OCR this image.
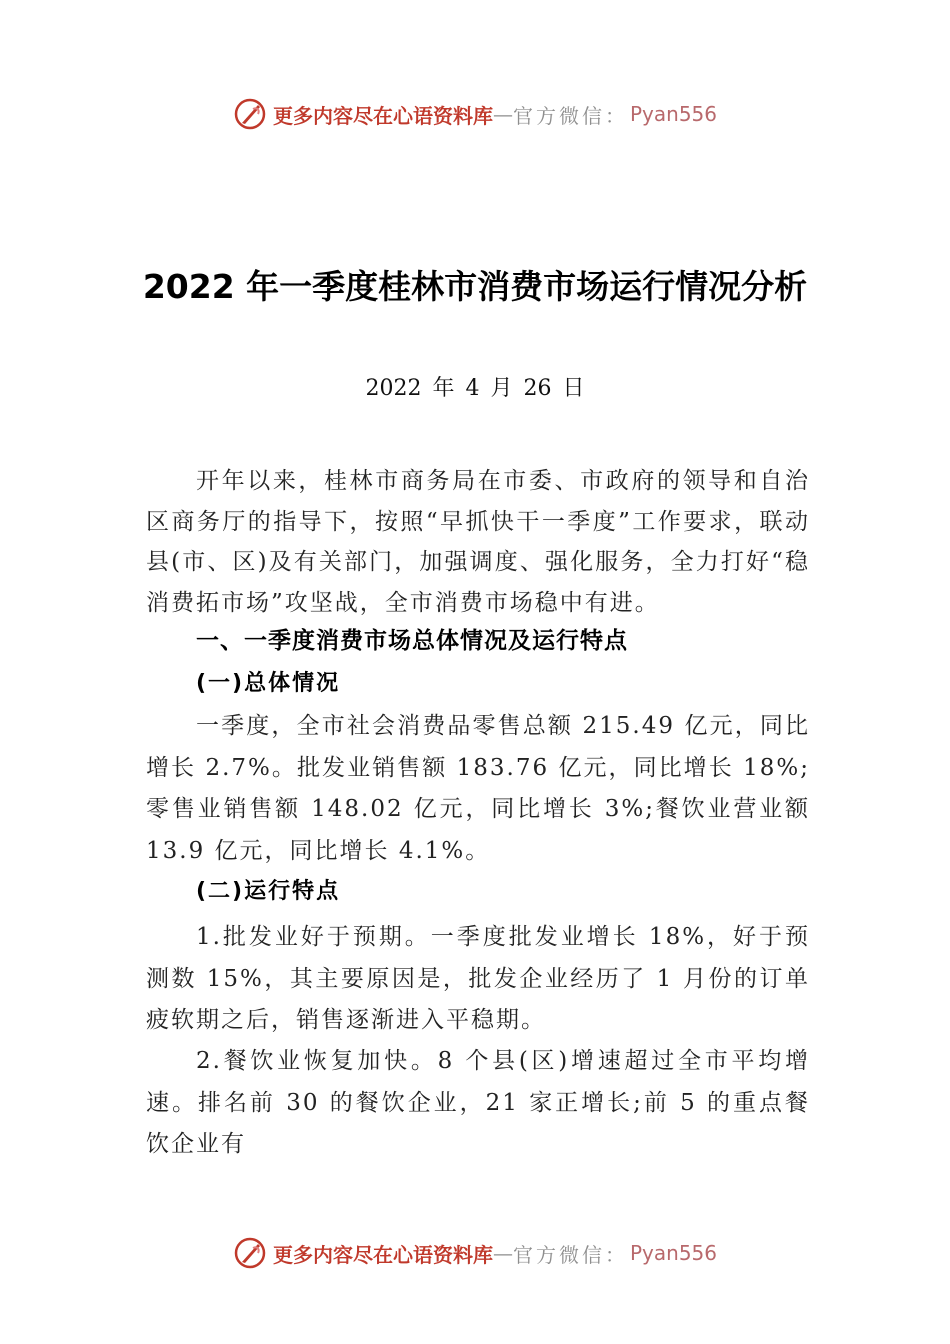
更多内容尽在心语资料库 — 官方微信： Pyan556
2022 年一季度桂林市消费市场运行情况分析
2022 年 4 月 26 日
开年以来，桂林市商务局在市委、市政府的领导和自治区商务厅的指导下，按照“早抓快干一季度”工作要求，联动县(市、区)及有关部门，加强调度、强化服务，全力打好“稳消费拓市场”攻坚战，全市消费市场稳中有进。
一、一季度消费市场总体情况及运行特点
(一)总体情况
一季度，全市社会消费品零售总额 215.49 亿元，同比增长 2.7%。批发业销售额 183.76 亿元，同比增长 18%;零售业销售额 148.02 亿元，同比增长 3%;餐饮业营业额 13.9 亿元，同比增长 4.1%。
(二)运行特点
1.批发业好于预期。一季度批发业增长 18%，好于预测数 15%，其主要原因是，批发企业经历了 1 月份的订单疲软期之后，销售逐渐进入平稳期。
2.餐饮业恢复加快。8 个县(区)增速超过全市平均增速。排名前 30 的餐饮企业，21 家正增长;前 5 的重点餐饮企业有
更多内容尽在心语资料库 — 官方微信： Pyan556
